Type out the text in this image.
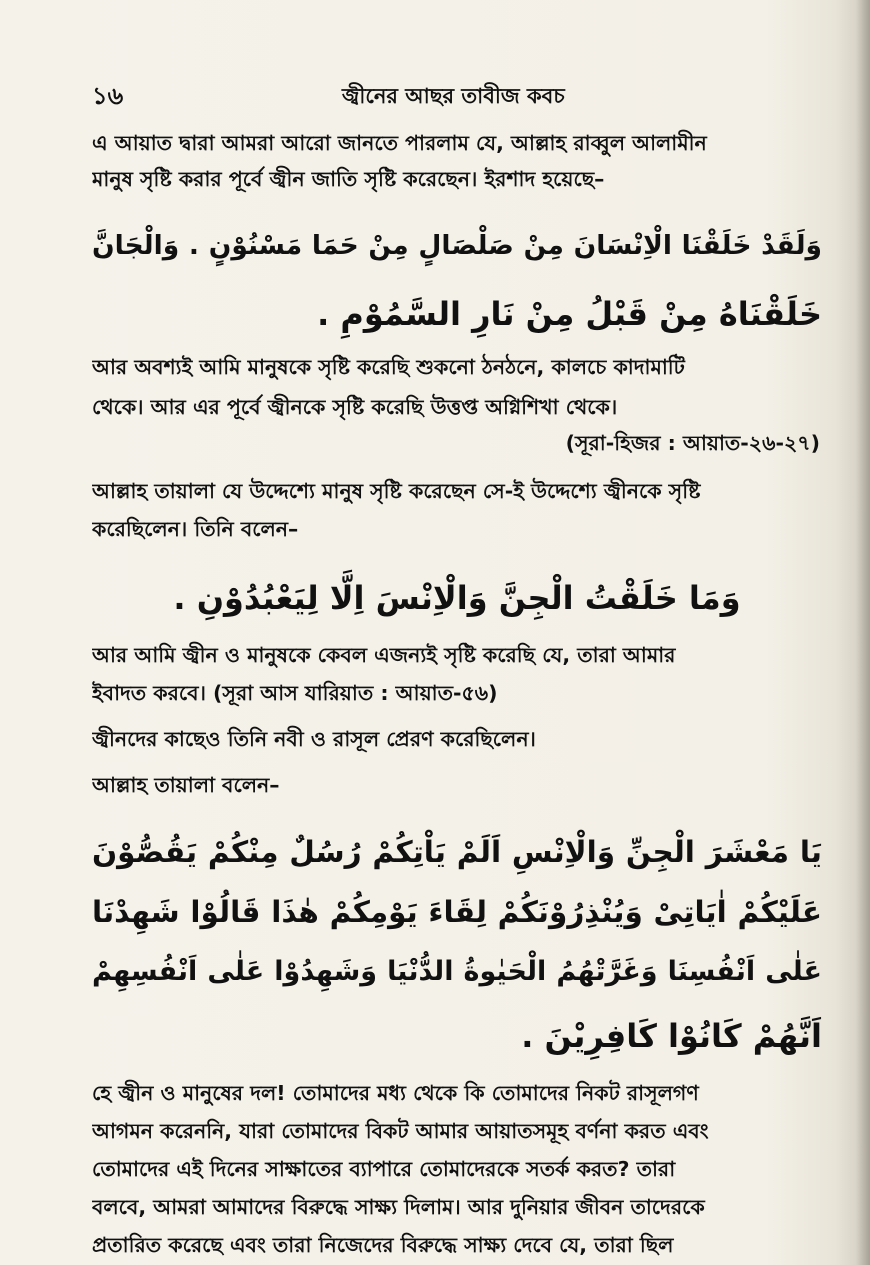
১৬	জ্বীনের আছর তাবীজ কবচ
এ আয়াত দ্বারা আমরা আরো জানতে পারলাম যে, আল্লাহ রাব্বুল আলামীন
মানুষ সৃষ্টি করার পূর্বে জ্বীন জাতি সৃষ্টি করেছেন। ইরশাদ হয়েছে–
وَلَقَدْ خَلَقْنَا الْاِنْسَانَ مِنْ صَلْصَالٍ مِنْ حَمَا مَسْنُوْنٍ . وَالْجَانَّ
خَلَقْنَاهُ مِنْ قَبْلُ مِنْ نَارِ السَّمُوْمِ .
আর অবশ্যই আমি মানুষকে সৃষ্টি করেছি শুকনো ঠনঠনে, কালচে কাদামাটি
থেকে। আর এর পূর্বে জ্বীনকে সৃষ্টি করেছি উত্তপ্ত অগ্নিশিখা থেকে।
(সূরা-হিজর : আয়াত-২৬-২৭)
আল্লাহ তায়ালা যে উদ্দেশ্যে মানুষ সৃষ্টি করেছেন সে-ই উদ্দেশ্যে জ্বীনকে সৃষ্টি
করেছিলেন। তিনি বলেন–
وَمَا خَلَقْتُ الْجِنَّ وَالْاِنْسَ اِلَّا لِيَعْبُدُوْنِ .
আর আমি জ্বীন ও মানুষকে কেবল এজন্যই সৃষ্টি করেছি যে, তারা আমার
ইবাদত করবে। (সূরা আস যারিয়াত : আয়াত-৫৬)
জ্বীনদের কাছেও তিনি নবী ও রাসূল প্রেরণ করেছিলেন।
আল্লাহ তায়ালা বলেন–
يَا مَعْشَرَ الْجِنِّ وَالْاِنْسِ اَلَمْ يَاْتِكُمْ رُسُلٌ مِنْكُمْ يَقُصُّوْنَ
عَلَيْكُمْ اٰيَاتِىْ وَيُنْذِرُوْنَكُمْ لِقَاءَ يَوْمِكُمْ هٰذَا قَالُوْا شَهِدْنَا
عَلٰى اَنْفُسِنَا وَغَرَّتْهُمُ الْحَيٰوةُ الدُّنْيَا وَشَهِدُوْا عَلٰى اَنْفُسِهِمْ
اَنَّهُمْ كَانُوْا كَافِرِيْنَ .
হে জ্বীন ও মানুষের দল! তোমাদের মধ্য থেকে কি তোমাদের নিকট রাসূলগণ
আগমন করেননি, যারা তোমাদের বিকট আমার আয়াতসমূহ বর্ণনা করত এবং
তোমাদের এই দিনের সাক্ষাতের ব্যাপারে তোমাদেরকে সতর্ক করত? তারা
বলবে, আমরা আমাদের বিরুদ্ধে সাক্ষ্য দিলাম। আর দুনিয়ার জীবন তাদেরকে
প্রতারিত করেছে এবং তারা নিজেদের বিরুদ্ধে সাক্ষ্য দেবে যে, তারা ছিল
